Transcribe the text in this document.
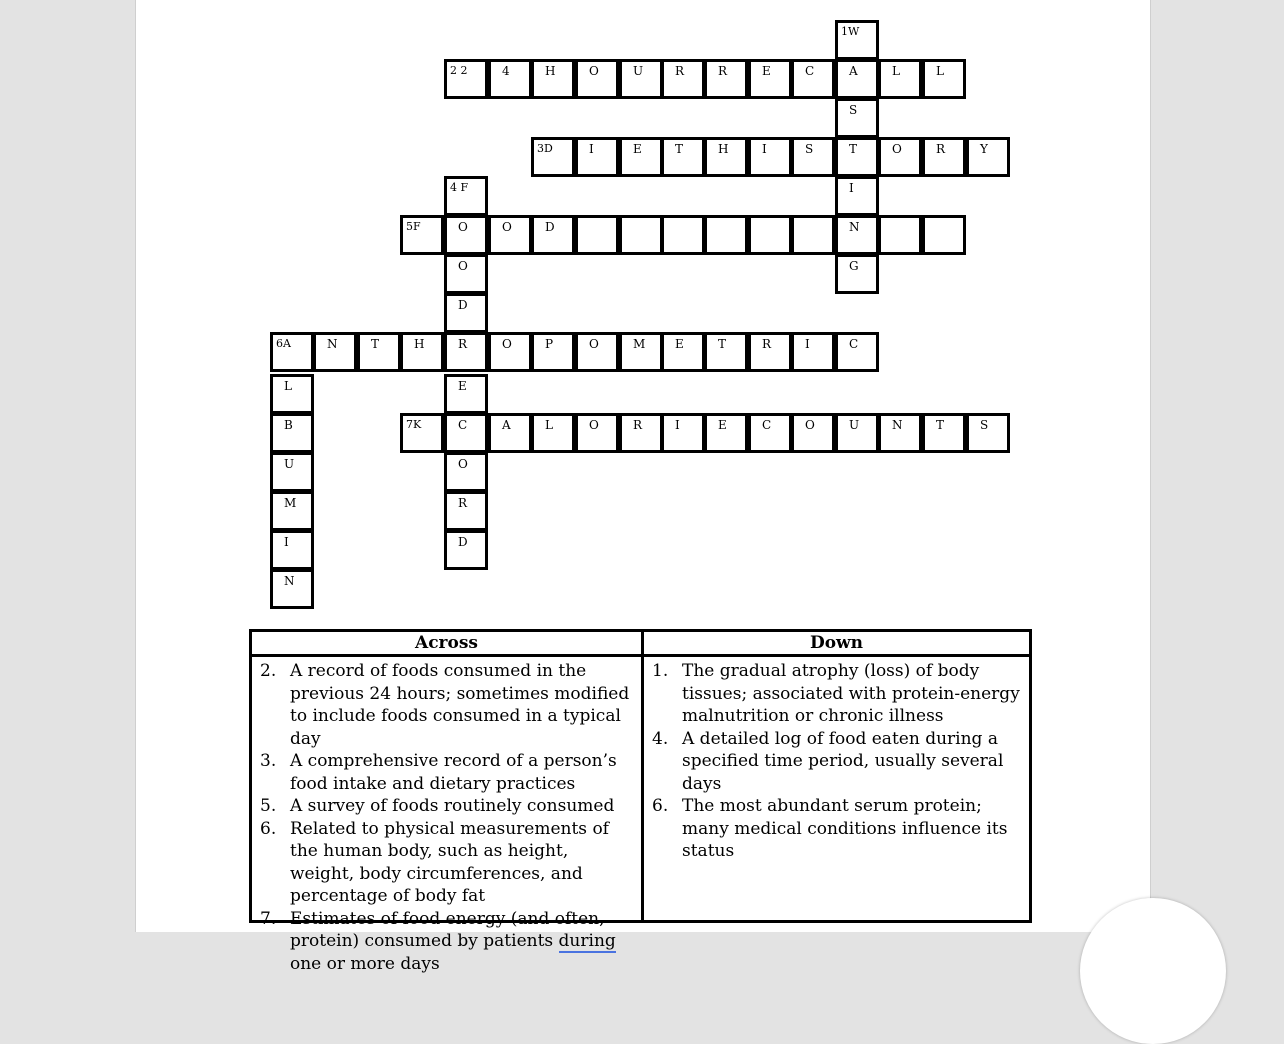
1W
2 2	4	H	O	U	R	R	E	C	A	L	L
S
3D	I	E	T	H	I	S	T	O	R	Y
4 F	I
5F	O	O	D	N
O	G
D
6A	N	T	H	R	O	P	O	M E	T	R	I	C
L	E
B	7K	C	A	L	O	R	I	E	C	O	U	N	T	S
U	O
M	R
I	D
N
Across
2. A record of foods consumed in the previous 24 hours; sometimes modified to include foods consumed in a typical day
3. A comprehensive record of a person’s food intake and dietary practices
5. A survey of foods routinely consumed
6. Related to physical measurements of the human body, such as height, weight, body circumferences, and percentage of body fat
7. Estimates of food energy (and often, protein) consumed by patients during one or more days
Down
1. The gradual atrophy (loss) of body tissues; associated with protein-energy malnutrition or chronic illness
4. A detailed log of food eaten during a specified time period, usually several days
6. The most abundant serum protein; many medical conditions influence its status
